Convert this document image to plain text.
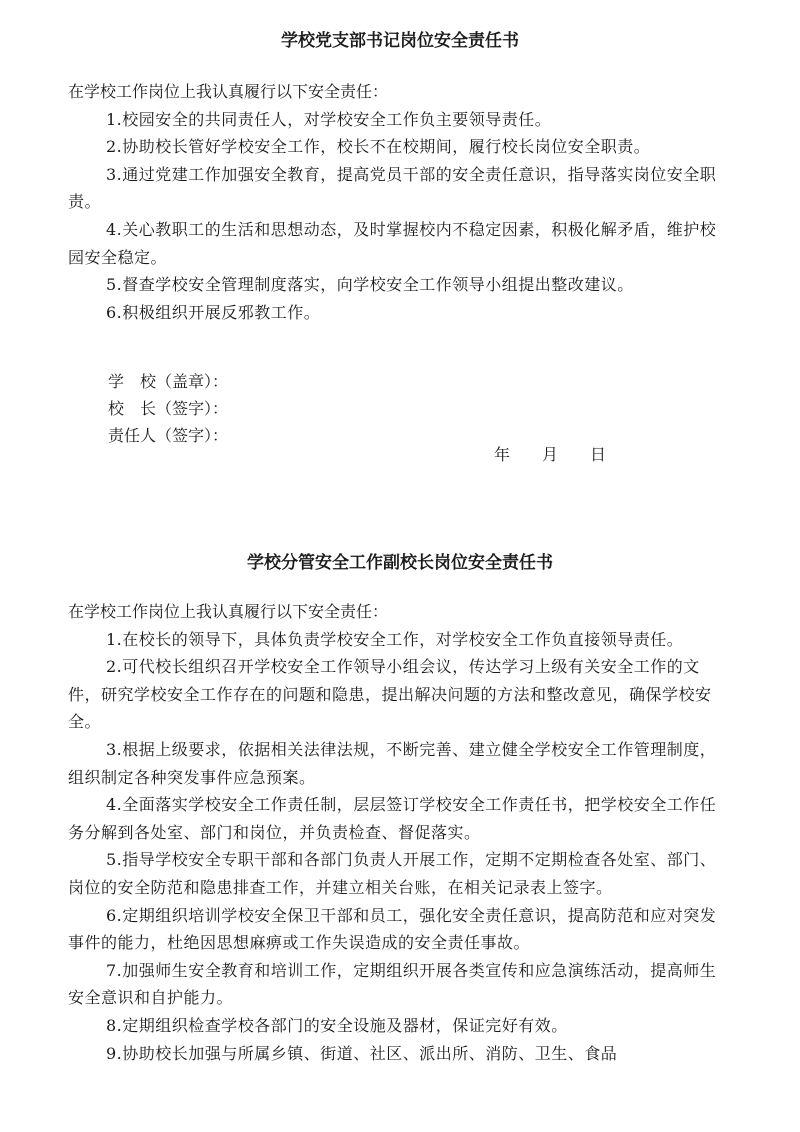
学校党支部书记岗位安全责任书

在学校工作岗位上我认真履行以下安全责任：

1.校园安全的共同责任人，对学校安全工作负主要领导责任。

2.协助校长管好学校安全工作，校长不在校期间，履行校长岗位安全职责。

3.通过党建工作加强安全教育，提高党员干部的安全责任意识，指导落实岗位安全职责。

4.关心教职工的生活和思想动态，及时掌握校内不稳定因素，积极化解矛盾，维护校园安全稳定。

5.督查学校安全管理制度落实，向学校安全工作领导小组提出整改建议。

6.积极组织开展反邪教工作。

学　校（盖章）：
校　长（签字）：
责任人（签字）：
年　　月　　日
学校分管安全工作副校长岗位安全责任书

在学校工作岗位上我认真履行以下安全责任：

1.在校长的领导下，具体负责学校安全工作，对学校安全工作负直接领导责任。

2.可代校长组织召开学校安全工作领导小组会议，传达学习上级有关安全工作的文件，研究学校安全工作存在的问题和隐患，提出解决问题的方法和整改意见，确保学校安全。

3.根据上级要求，依据相关法律法规，不断完善、建立健全学校安全工作管理制度，组织制定各种突发事件应急预案。

4.全面落实学校安全工作责任制，层层签订学校安全工作责任书，把学校安全工作任务分解到各处室、部门和岗位，并负责检查、督促落实。

5.指导学校安全专职干部和各部门负责人开展工作，定期不定期检查各处室、部门、岗位的安全防范和隐患排查工作，并建立相关台账，在相关记录表上签字。

6.定期组织培训学校安全保卫干部和员工，强化安全责任意识，提高防范和应对突发事件的能力，杜绝因思想麻痹或工作失误造成的安全责任事故。

7.加强师生安全教育和培训工作，定期组织开展各类宣传和应急演练活动，提高师生安全意识和自护能力。

8.定期组织检查学校各部门的安全设施及器材，保证完好有效。

9.协助校长加强与所属乡镇、街道、社区、派出所、消防、卫生、食品
